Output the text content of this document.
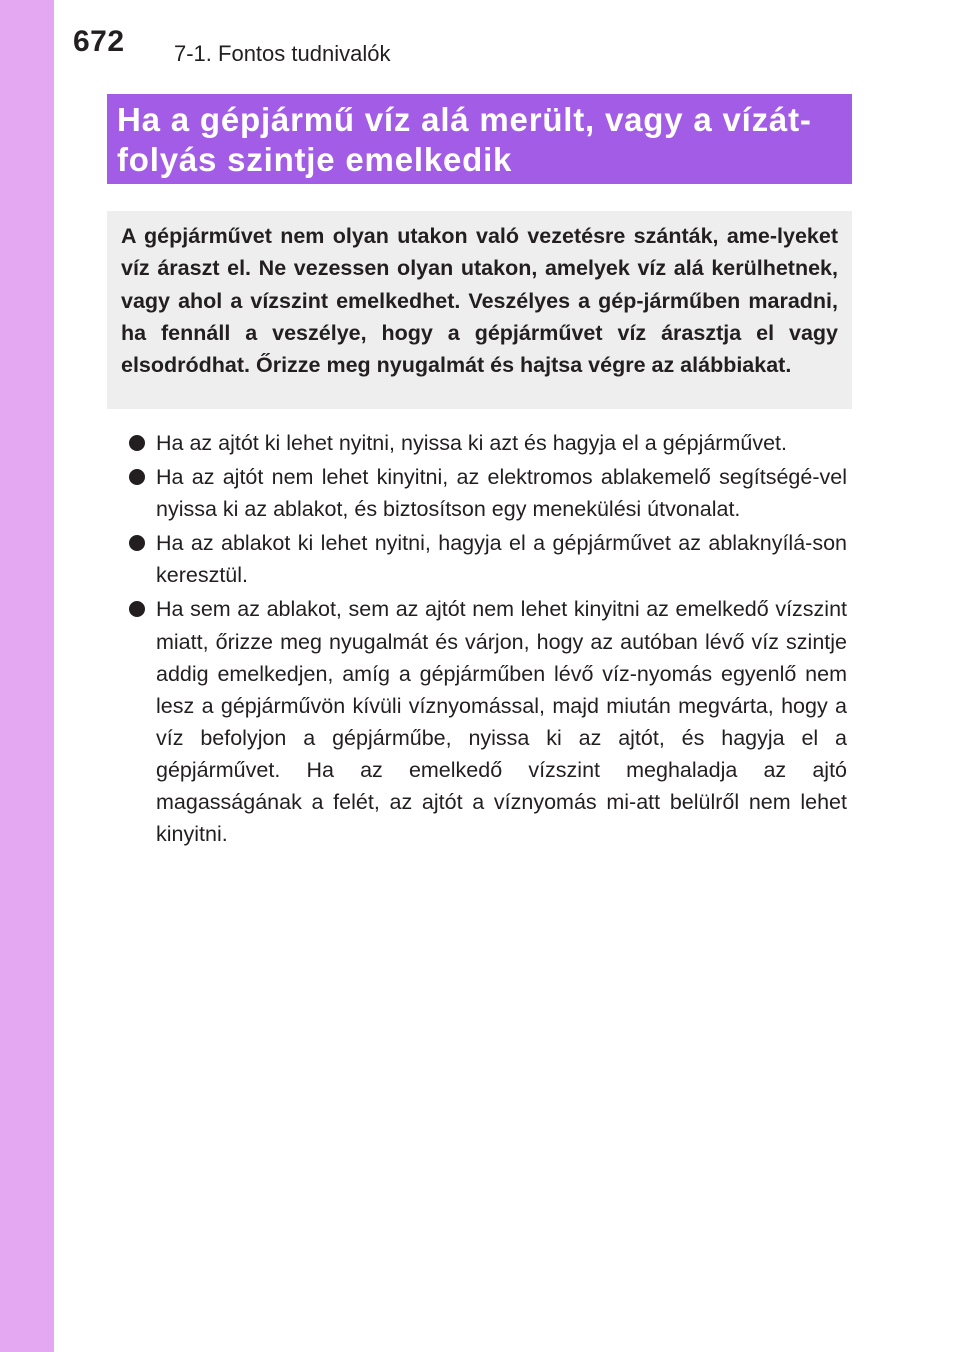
672 7-1. Fontos tudnivalók
Ha a gépjármű víz alá merült, vagy a vízát-folyás szintje emelkedik

A gépjárművet nem olyan utakon való vezetésre szánták, ame-lyeket víz áraszt el. Ne vezessen olyan utakon, amelyek víz alá kerülhetnek, vagy ahol a vízszint emelkedhet. Veszélyes a gép-járműben maradni, ha fennáll a veszélye, hogy a gépjárművet víz árasztja el vagy elsodródhat. Őrizze meg nyugalmát és hajtsa végre az alábbiakat.

Ha az ajtót ki lehet nyitni, nyissa ki azt és hagyja el a gépjárművet.
Ha az ajtót nem lehet kinyitni, az elektromos ablakemelő segítségé-vel nyissa ki az ablakot, és biztosítson egy menekülési útvonalat.
Ha az ablakot ki lehet nyitni, hagyja el a gépjárművet az ablaknyílá-son keresztül.
Ha sem az ablakot, sem az ajtót nem lehet kinyitni az emelkedő vízszint miatt, őrizze meg nyugalmát és várjon, hogy az autóban lévő víz szintje addig emelkedjen, amíg a gépjárműben lévő víz-nyomás egyenlő nem lesz a gépjárművön kívüli víznyomással, majd miután megvárta, hogy a víz befolyjon a gépjárműbe, nyissa ki az ajtót, és hagyja el a gépjárművet. Ha az emelkedő vízszint meghaladja az ajtó magasságának a felét, az ajtót a víznyomás mi-att belülről nem lehet kinyitni.
